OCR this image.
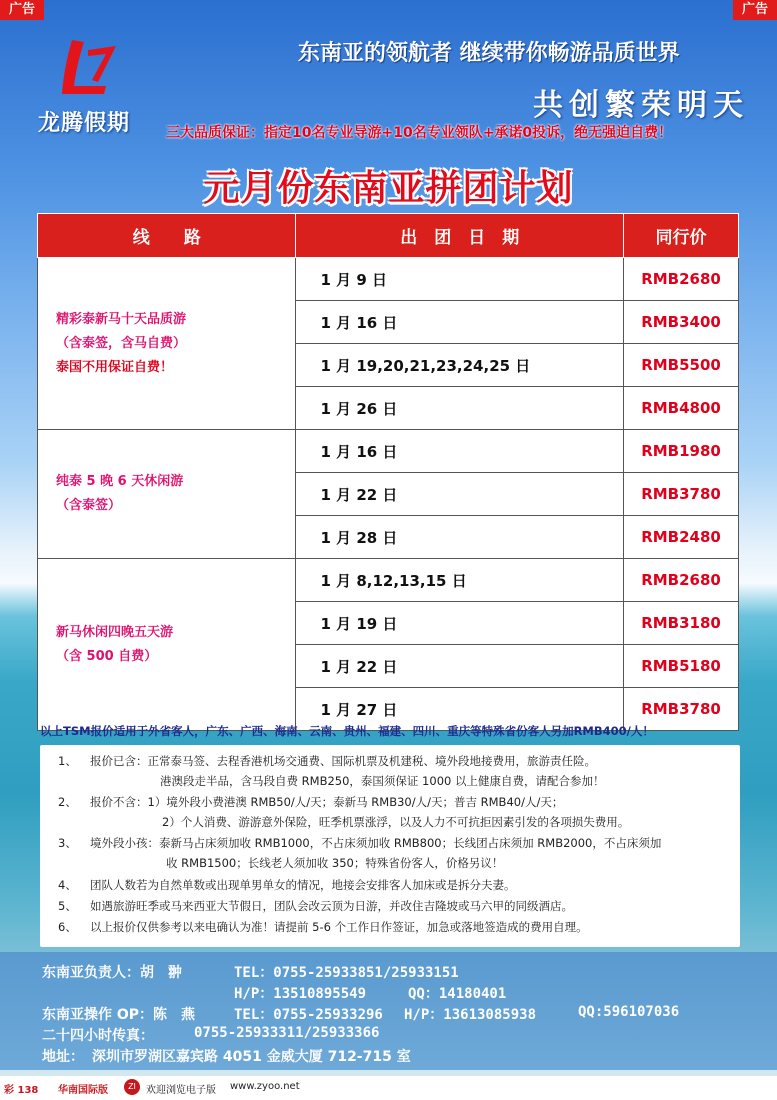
广告	广告
龙腾假期
东南亚的领航者 继续带你畅游品质世界
共创繁荣明天
三大品质保证：指定10名专业导游+10名专业领队+承诺0投诉，绝无强迫自费！
元月份东南亚拼团计划
线　　路	出　团　日　期	同行价

精彩泰新马十天品质游
（含泰签，含马自费）
泰国不用保证自费！	1 月 9 日	RMB2680
	1 月 16 日	RMB3400
	1 月 19,20,21,23,24,25 日	RMB5500
	1 月 26 日	RMB4800

纯泰 5 晚 6 天休闲游
（含泰签）	1 月 16 日	RMB1980
	1 月 22 日	RMB3780
	1 月 28 日	RMB2480

新马休闲四晚五天游
（含 500 自费）	1 月 8,12,13,15 日	RMB2680
	1 月 19 日	RMB3180
	1 月 22 日	RMB5180
	1 月 27 日	RMB3780
以上TSM报价适用于外省客人，广东、广西、海南、云南、贵州、福建、四川、重庆等特殊省份客人另加RMB400/人！
1、 报价已含：正常泰马签、去程香港机场交通费、国际机票及机建税、境外段地接费用，旅游责任险。
港澳段走半品，含马段自费 RMB250，泰国须保证 1000 以上健康自费，请配合参加！
2、 报价不含：1）境外段小费港澳 RMB50/人/天；泰新马 RMB30/人/天；普吉 RMB40/人/天；
2）个人消费、游游意外保险，旺季机票涨浮，以及人力不可抗拒因素引发的各项损失费用。
3、 境外段小孩：泰新马占床须加收 RMB1000，不占床须加收 RMB800；长线团占床须加 RMB2000，不占床须加
收 RMB1500；长线老人须加收 350；特殊省份客人，价格另议！
4、 团队人数若为自然单数或出现单男单女的情况，地接会安排客人加床或是拆分夫妻。
5、 如遇旅游旺季或马来西亚大节假日，团队会改云顶为日游，并改住吉隆坡或马六甲的同级酒店。
6、 以上报价仅供参考以来电确认为准！请提前 5-6 个工作日作签证，加急或落地签造成的费用自理。
东南亚负责人：胡　翀	TEL：0755-25933851/25933151
H/P：13510895549	QQ：14180401
东南亚操作 OP：陈　燕	TEL：0755-25933296 H/P：13613085938	QQ:596107036
二十四小时传真：	0755-25933311/25933366
地址： 深圳市罗湖区嘉宾路 4051 金威大厦 712-715 室
彩 138 华南国际版	ZI	欢迎浏览电子版 www.zyoo.net
